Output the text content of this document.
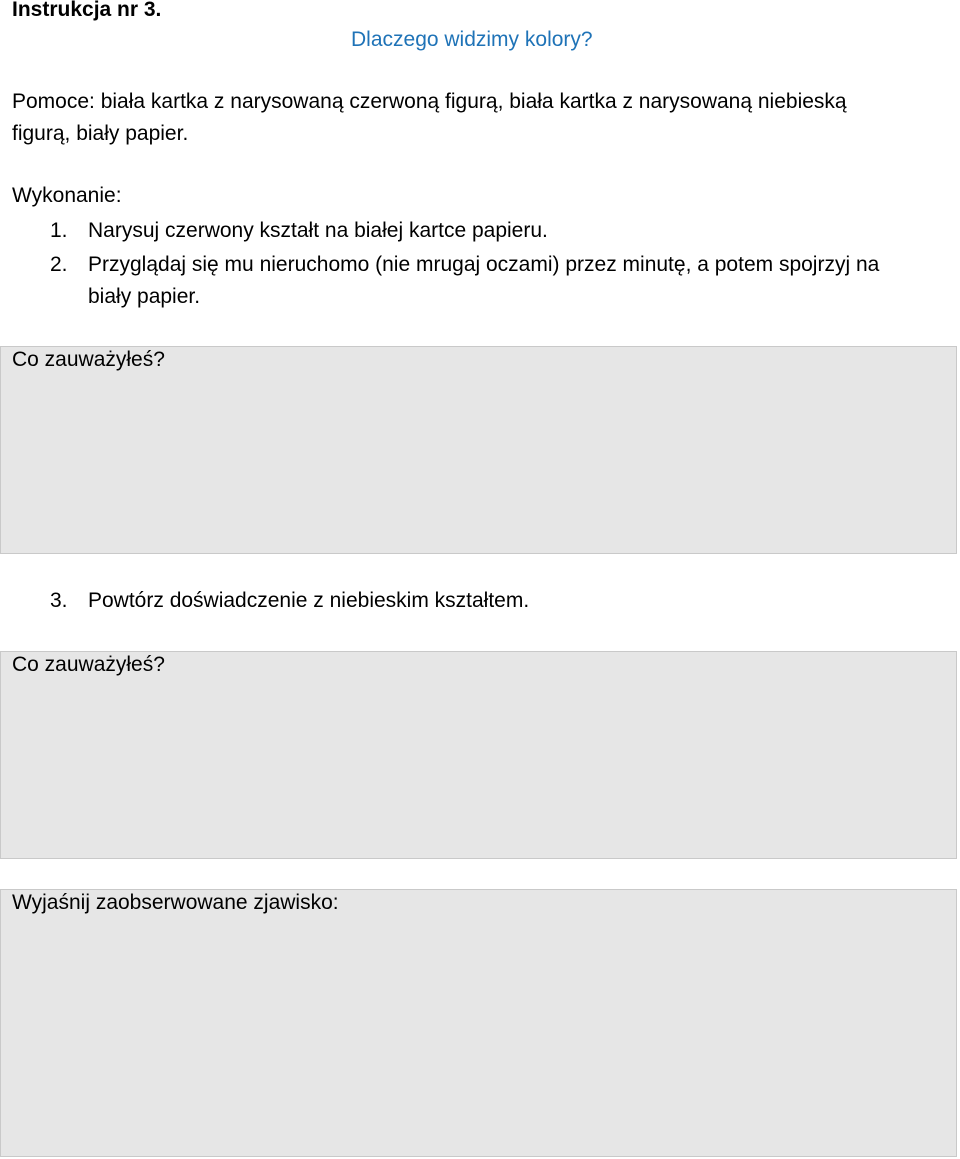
Instrukcja nr 3.
Dlaczego widzimy kolory?
Pomoce: biała kartka z narysowaną czerwoną figurą, biała kartka z narysowaną niebieską
figurą, biały papier.
Wykonanie:
1. Narysuj czerwony kształt na białej kartce papieru.
2. Przyglądaj się mu nieruchomo (nie mrugaj oczami) przez minutę, a potem spojrzyj na
biały papier.
Co zauważyłeś?
3. Powtórz doświadczenie z niebieskim kształtem.
Co zauważyłeś?
Wyjaśnij zaobserwowane zjawisko:
